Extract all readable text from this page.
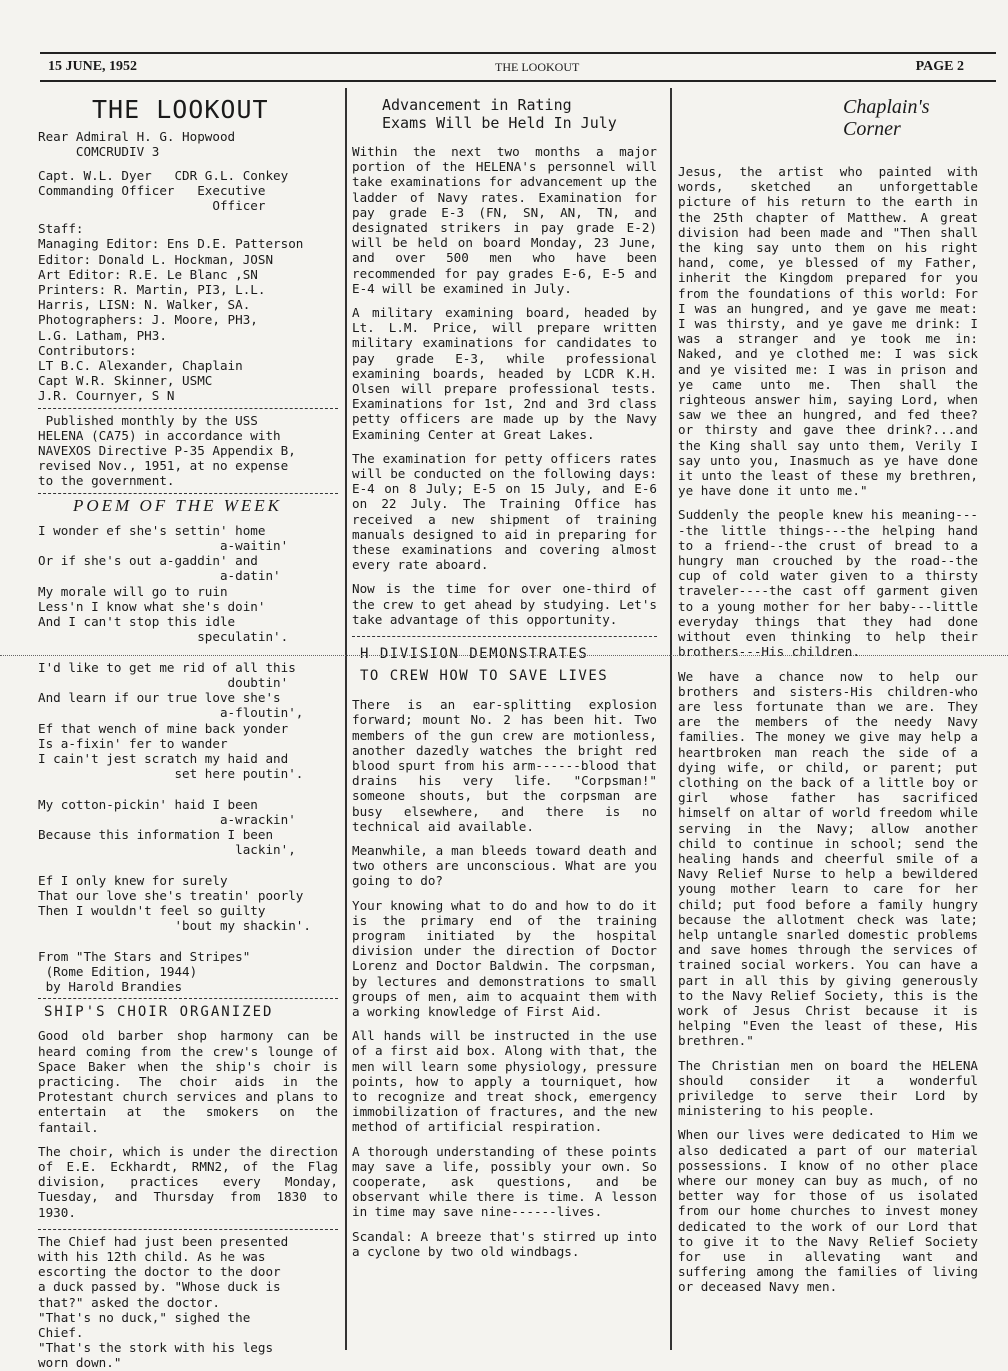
15 JUNE, 1952	THE LOOKOUT	PAGE 2
THE LOOKOUT
Rear Admiral H. G. Hopwood
COMCRUDIV 3
Capt. W.L. Dyer   CDR G.L. Conkey
Commanding Officer   Executive
Officer
Staff:
Managing Editor: Ens D.E. Patterson
Editor: Donald L. Hockman, JOSN
Art Editor: R.E. Le Blanc ,SN
Printers: R. Martin, PI3, L.L.
Harris, LISN: N. Walker, SA.
Photographers: J. Moore, PH3,
L.G. Latham, PH3.
Contributors:
LT B.C. Alexander, Chaplain
Capt W.R. Skinner, USMC
J.R. Cournyer, S N
Published monthly by the USS
HELENA (CA75) in accordance with
NAVEXOS Directive P-35 Appendix B,
revised Nov., 1951, at no expense
to the government.
POEM OF THE WEEK
I wonder ef she's settin' home
a-waitin'
Or if she's out a-gaddin' and
a-datin'
My morale will go to ruin
Less'n I know what she's doin'
And I can't stop this idle
speculatin'.

I'd like to get me rid of all this
doubtin'
And learn if our true love she's
a-floutin',
Ef that wench of mine back yonder
Is a-fixin' fer to wander
I cain't jest scratch my haid and
set here poutin'.

My cotton-pickin' haid I been
a-wrackin'
Because this information I been
lackin',

Ef I only knew for surely
That our love she's treatin' poorly
Then I wouldn't feel so guilty
'bout my shackin'.

From "The Stars and Stripes"
(Rome Edition, 1944)
by Harold Brandies
SHIP'S CHOIR ORGANIZED
Good old barber shop harmony can be heard coming from the crew's lounge of Space Baker when the ship's choir is practicing. The choir aids in the Protestant church services and plans to entertain at the smokers on the fantail.
The choir, which is under the direction of E.E. Eckhardt, RMN2, of the Flag division, practices every Monday, Tuesday, and Thursday from 1830 to 1930.
The Chief had just been presented
with his 12th child. As he was
escorting the doctor to the door
a duck passed by. "Whose duck is
that?" asked the doctor.
"That's no duck," sighed the
Chief.
"That's the stork with his legs
worn down."
Advancement in Rating
Exams Will be Held In July
Within the next two months a major portion of the HELENA's personnel will take examinations for advancement up the ladder of Navy rates. Examination for pay grade E-3 (FN, SN, AN, TN, and designated strikers in pay grade E-2) will be held on board Monday, 23 June, and over 500 men who have been recommended for pay grades E-6, E-5 and E-4 will be examined in July.
A military examining board, headed by Lt. L.M. Price, will prepare written military examinations for candidates to pay grade E-3, while professional examining boards, headed by LCDR K.H. Olsen will prepare professional tests. Examinations for 1st, 2nd and 3rd class petty officers are made up by the Navy Examining Center at Great Lakes.
The examination for petty officers rates will be conducted on the following days: E-4 on 8 July; E-5 on 15 July, and E-6 on 22 July. The Training Office has received a new shipment of training manuals designed to aid in preparing for these examinations and covering almost every rate aboard.
Now is the time for over one-third of the crew to get ahead by studying. Let's take advantage of this opportunity.
H DIVISION DEMONSTRATES
TO CREW HOW TO SAVE LIVES
There is an ear-splitting explosion forward; mount No. 2 has been hit. Two members of the gun crew are motionless, another dazedly watches the bright red blood spurt from his arm------blood that drains his very life. "Corpsman!" someone shouts, but the corpsman are busy elsewhere, and there is no technical aid available.
Meanwhile, a man bleeds toward death and two others are unconscious. What are you going to do?
Your knowing what to do and how to do it is the primary end of the training program initiated by the hospital division under the direction of Doctor Lorenz and Doctor Baldwin. The corpsman, by lectures and demonstrations to small groups of men, aim to acquaint them with a working knowledge of First Aid.
All hands will be instructed in the use of a first aid box. Along with that, the men will learn some physiology, pressure points, how to apply a tourniquet, how to recognize and treat shock, emergency immobilization of fractures, and the new method of artificial respiration.
A thorough understanding of these points may save a life, possibly your own. So cooperate, ask questions, and be observant while there is time. A lesson in time may save nine------lives.
Scandal: A breeze that's stirred up into a cyclone by two old windbags.
Chaplain's
Corner
Jesus, the artist who painted with words, sketched an unforgettable picture of his return to the earth in the 25th chapter of Matthew. A great division had been made and "Then shall the king say unto them on his right hand, come, ye blessed of my Father, inherit the Kingdom prepared for you from the foundations of this world: For I was an hungred, and ye gave me meat: I was thirsty, and ye gave me drink: I was a stranger and ye took me in: Naked, and ye clothed me: I was sick and ye visited me: I was in prison and ye came unto me. Then shall the righteous answer him, saying Lord, when saw we thee an hungred, and fed thee? or thirsty and gave thee drink?...and the King shall say unto them, Verily I say unto you, Inasmuch as ye have done it unto the least of these my brethren, ye have done it unto me."
Suddenly the people knew his meaning----the little things---the helping hand to a friend--the crust of bread to a hungry man crouched by the road--the cup of cold water given to a thirsty traveler----the cast off garment given to a young mother for her baby---little everyday things that they had done without even thinking to help their brothers---His children.
We have a chance now to help our brothers and sisters-His children-who are less fortunate than we are. They are the members of the needy Navy families. The money we give may help a heartbroken man reach the side of a dying wife, or child, or parent; put clothing on the back of a little boy or girl whose father has sacrificed himself on altar of world freedom while serving in the Navy; allow another child to continue in school; send the healing hands and cheerful smile of a Navy Relief Nurse to help a bewildered young mother learn to care for her child; put food before a family hungry because the allotment check was late; help untangle snarled domestic problems and save homes through the services of trained social workers. You can have a part in all this by giving generously to the Navy Relief Society, this is the work of Jesus Christ because it is helping "Even the least of these, His brethren."
The Christian men on board the HELENA should consider it a wonderful priviledge to serve their Lord by ministering to his people.
When our lives were dedicated to Him we also dedicated a part of our material possessions. I know of no other place where our money can buy as much, of no better way for those of us isolated from our home churches to invest money dedicated to the work of our Lord that to give it to the Navy Relief Society for use in allevating want and suffering among the families of living or deceased Navy men.
